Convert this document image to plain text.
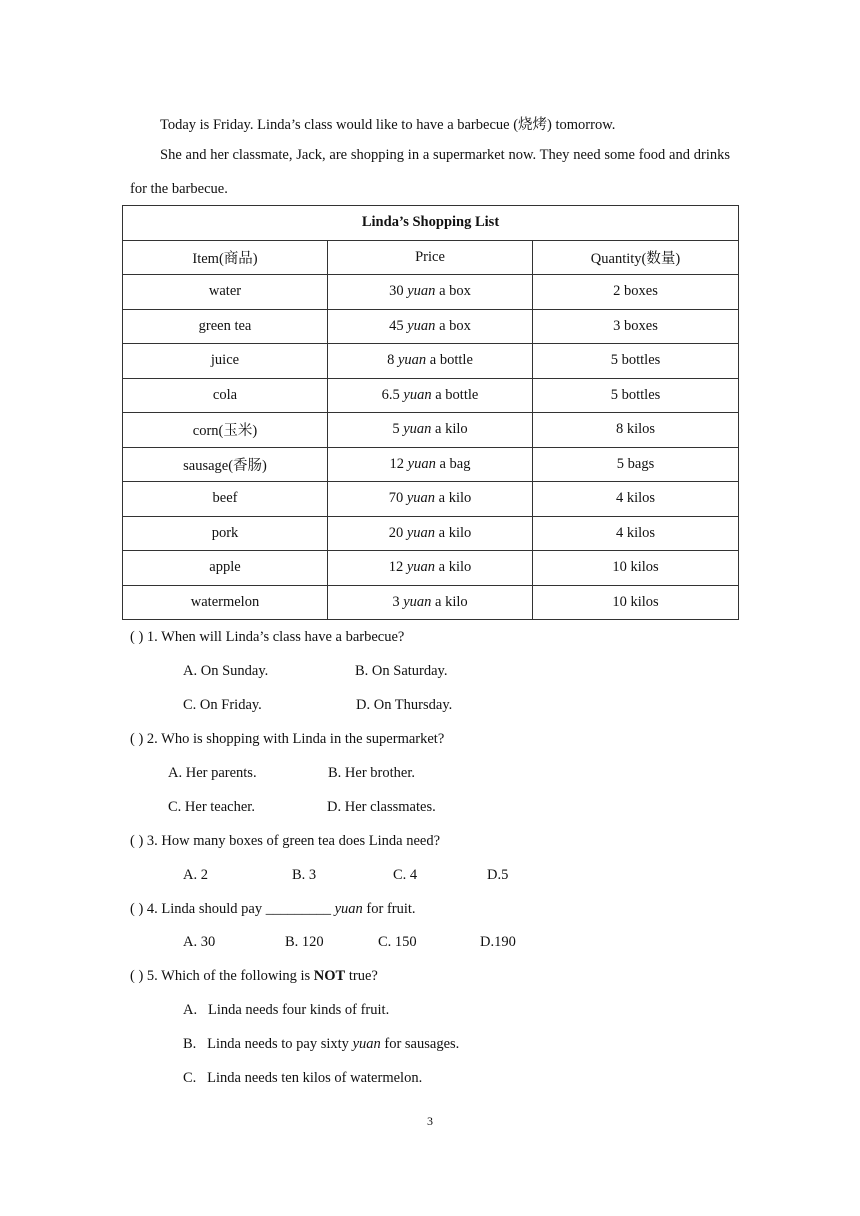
Today is Friday. Linda’s class would like to have a barbecue (烧烤) tomorrow.
She and her classmate, Jack, are shopping in a supermarket now. They need some food and drinks for the barbecue.
Linda’s Shopping List		
Item(商品)	Price	Quantity(数量)
water	30 yuan a box	2 boxes
green tea	45 yuan a box	3 boxes
juice	8 yuan a bottle	5 bottles
cola	6.5 yuan a bottle	5 bottles
corn(玉米)	5 yuan a kilo	8 kilos
sausage(香肠)	12 yuan a bag	5 bags
beef	70 yuan a kilo	4 kilos
pork	20 yuan a kilo	4 kilos
apple	12 yuan a kilo	10 kilos
watermelon	3 yuan a kilo	10 kilos
( ) 1. When will Linda’s class have a barbecue?
A. On Sunday.	B. On Saturday.
C. On Friday.	D. On Thursday.
( ) 2. Who is shopping with Linda in the supermarket?
A. Her parents.	B. Her brother.
C. Her teacher.	D. Her classmates.
( ) 3. How many boxes of green tea does Linda need?
A. 2	B. 3	C. 4	D.5
( ) 4. Linda should pay _________ yuan for fruit.
A. 30	B. 120	C. 150	D.190
( ) 5. Which of the following is NOT true?
A. Linda needs four kinds of fruit.
B. Linda needs to pay sixty yuan for sausages.
C. Linda needs ten kilos of watermelon.
3
